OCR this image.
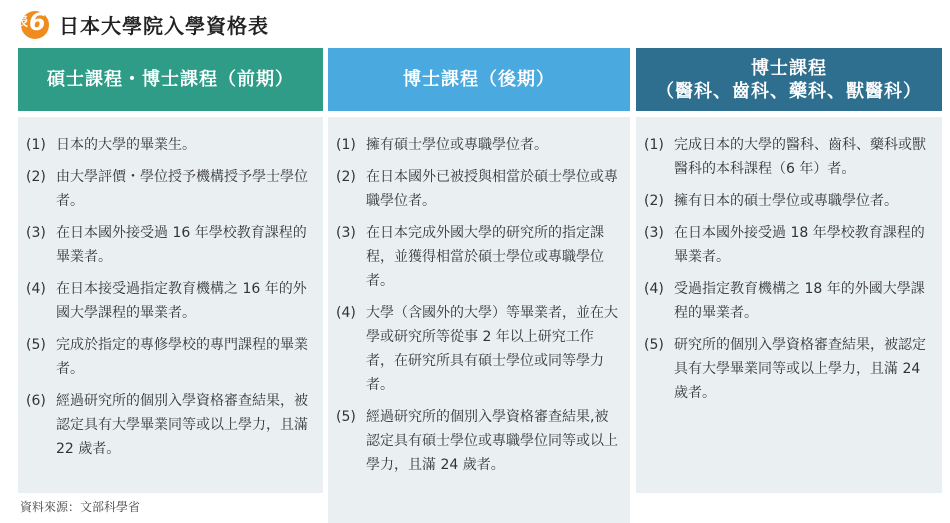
表 6 日本大學院入學資格表
碩士課程・博士課程（前期）
(1) 日本的大學的畢業生。
(2) 由大學評價・學位授予機構授予學士學位者。
(3) 在日本國外接受過 16 年學校教育課程的畢業者。
(4) 在日本接受過指定教育機構之 16 年的外國大學課程的畢業者。
(5) 完成於指定的專修學校的專門課程的畢業者。
(6) 經過研究所的個別入學資格審查結果，被認定具有大學畢業同等或以上學力，且滿 22 歲者。
博士課程（後期）
(1) 擁有碩士學位或專職學位者。
(2) 在日本國外已被授與相當於碩士學位或專職學位者。
(3) 在日本完成外國大學的研究所的指定課程，並獲得相當於碩士學位或專職學位者。
(4) 大學（含國外的大學）等畢業者，並在大學或研究所等從事 2 年以上研究工作者，在研究所具有碩士學位或同等學力者。
(5) 經過研究所的個別入學資格審查結果,被認定具有碩士學位或專職學位同等或以上學力，且滿 24 歲者。
博士課程
（醫科、齒科、藥科、獸醫科）
(1) 完成日本的大學的醫科、齒科、藥科或獸醫科的本科課程（6 年）者。
(2) 擁有日本的碩士學位或專職學位者。
(3) 在日本國外接受過 18 年學校教育課程的畢業者。
(4) 受過指定教育機構之 18 年的外國大學課程的畢業者。
(5) 研究所的個別入學資格審查結果，被認定具有大學畢業同等或以上學力，且滿 24 歲者。
資料來源：文部科學省
